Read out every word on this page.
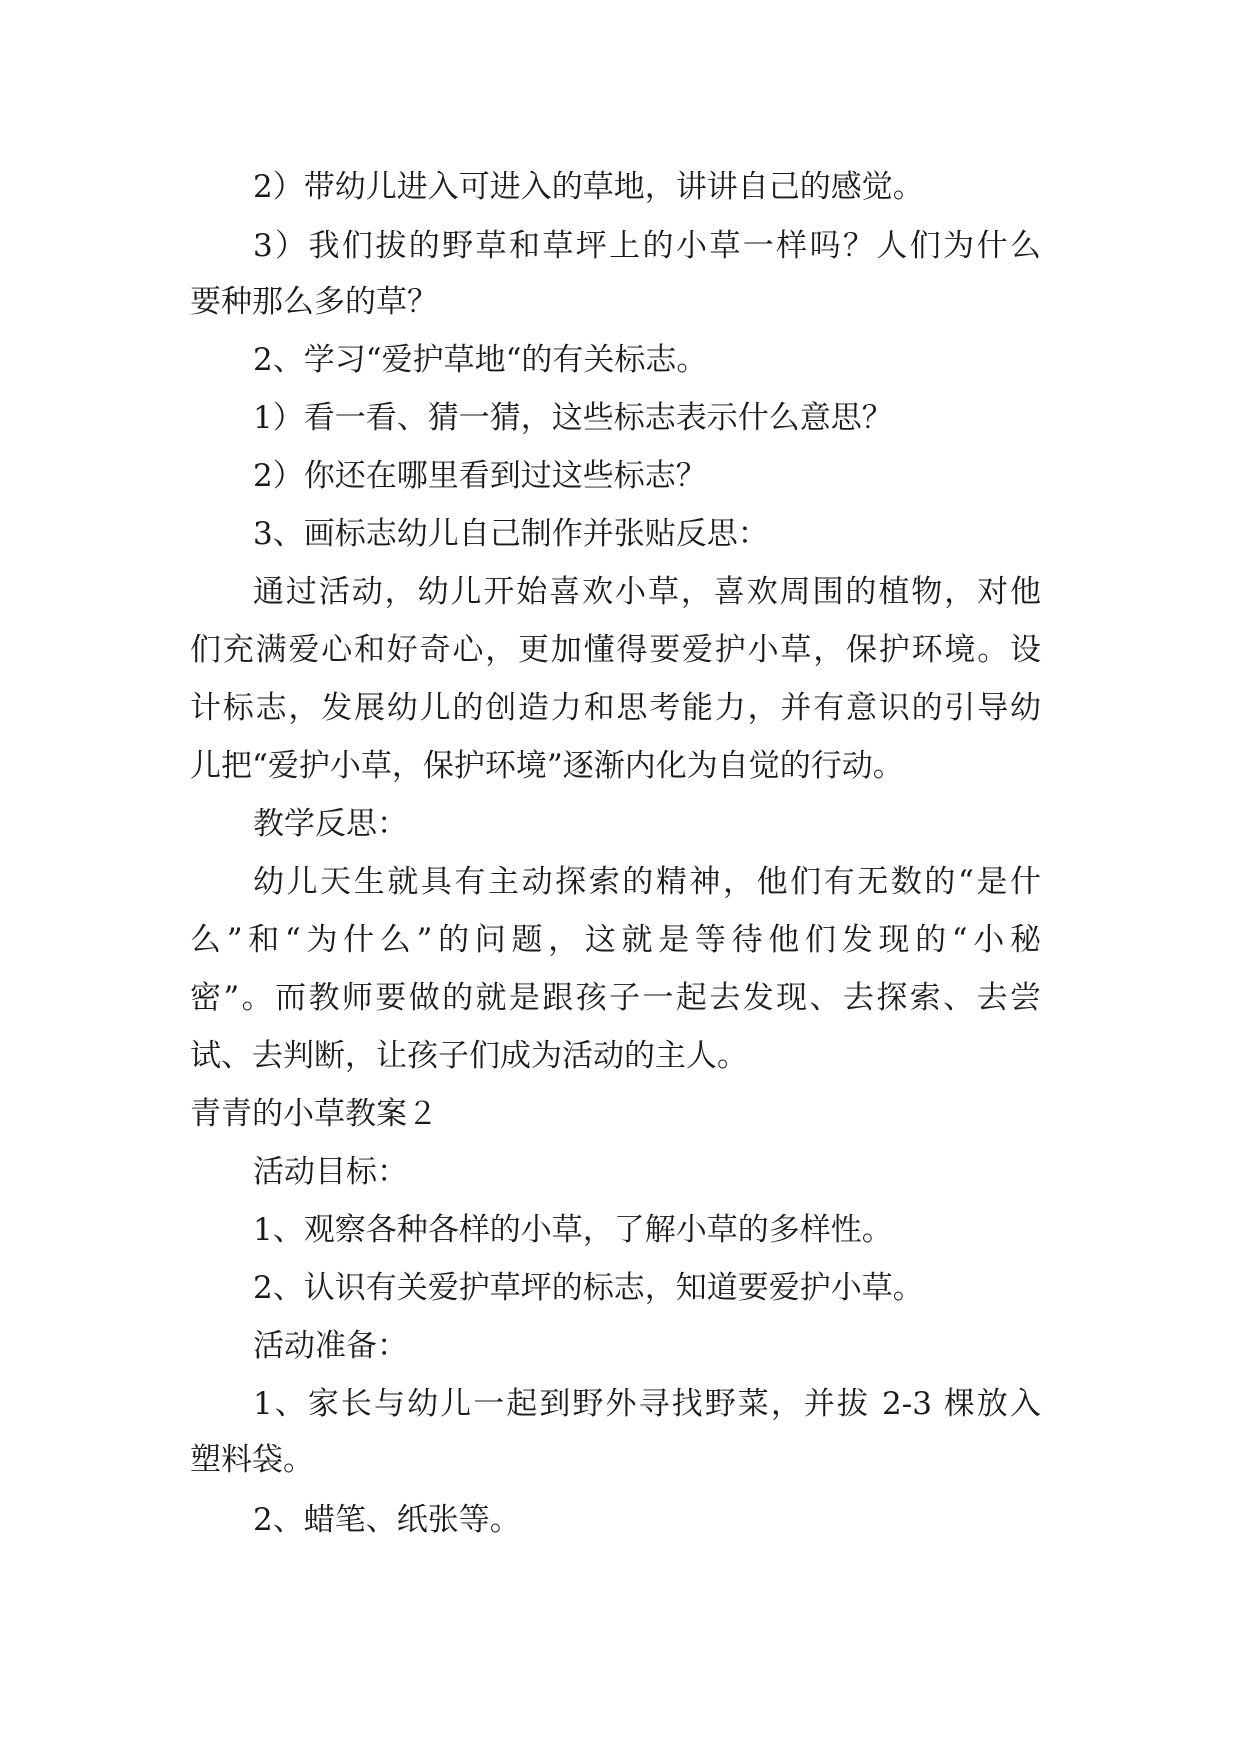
2）带幼儿进入可进入的草地，讲讲自己的感觉。

3）我们拔的野草和草坪上的小草一样吗？人们为什么

要种那么多的草？

2、学习“爱护草地“的有关标志。

1）看一看、猜一猜，这些标志表示什么意思？

2）你还在哪里看到过这些标志？

3、画标志幼儿自己制作并张贴反思：

通过活动，幼儿开始喜欢小草，喜欢周围的植物，对他

们充满爱心和好奇心，更加懂得要爱护小草，保护环境。设

计标志，发展幼儿的创造力和思考能力，并有意识的引导幼

儿把“爱护小草，保护环境”逐渐内化为自觉的行动。

教学反思：

幼儿天生就具有主动探索的精神，他们有无数的“是什

么”和“为什么”的问题，这就是等待他们发现的“小秘

密”。而教师要做的就是跟孩子一起去发现、去探索、去尝

试、去判断，让孩子们成为活动的主人。

青青的小草教案２

活动目标：

1、观察各种各样的小草，了解小草的多样性。

2、认识有关爱护草坪的标志，知道要爱护小草。

活动准备：

1、家长与幼儿一起到野外寻找野菜，并拔 2-3 棵放入

塑料袋。

2、蜡笔、纸张等。
